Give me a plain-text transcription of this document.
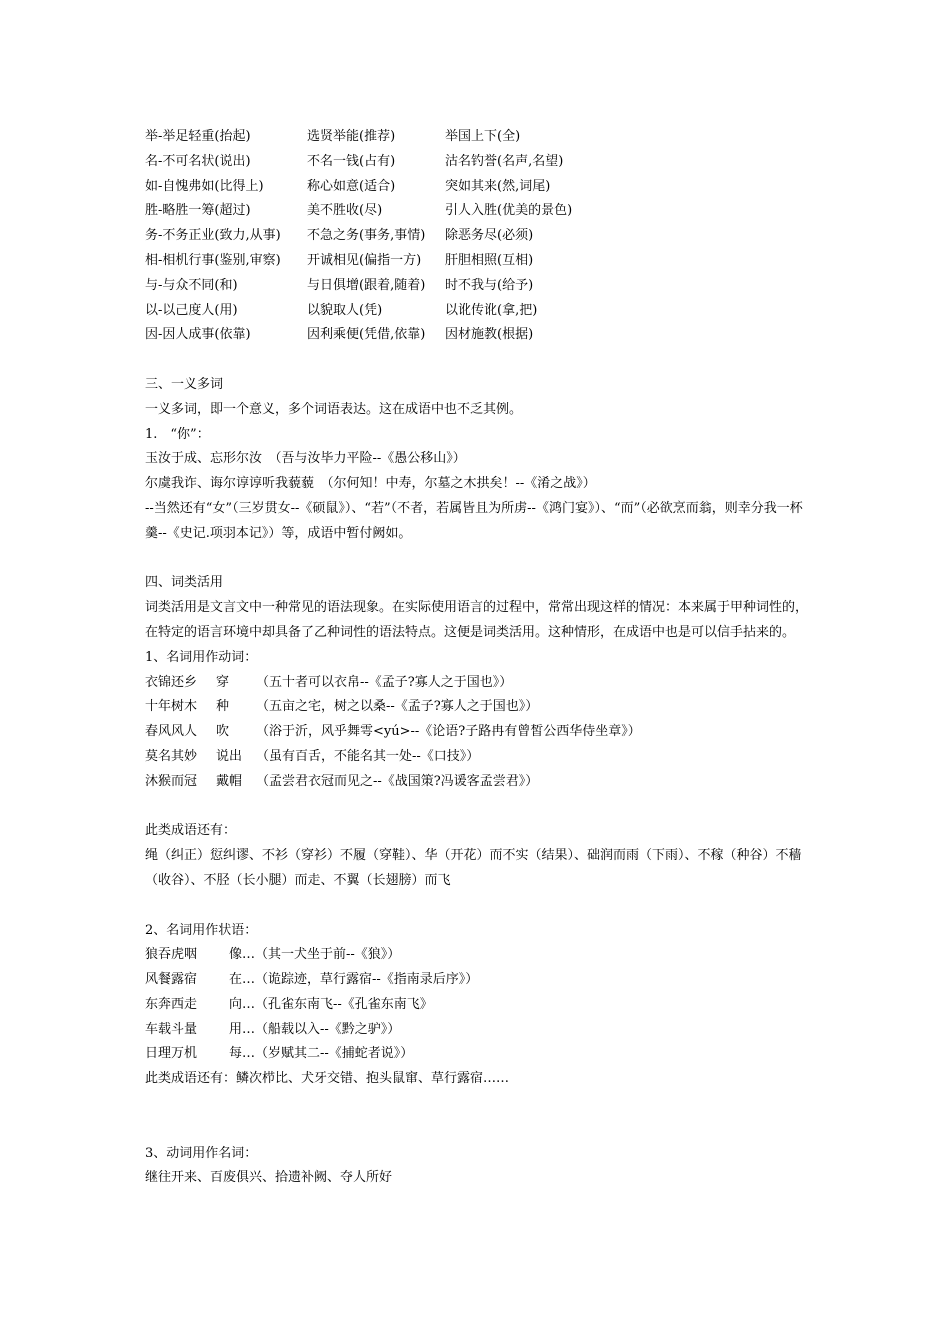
举-举足轻重(抬起)	选贤举能(推荐)	举国上下(全)
名-不可名状(说出)	不名一钱(占有)	沽名钓誉(名声,名望)
如-自愧弗如(比得上)	称心如意(适合)	突如其来(然,词尾)
胜-略胜一筹(超过)	美不胜收(尽)	引人入胜(优美的景色)
务-不务正业(致力,从事) 不急之务(事务,事情) 除恶务尽(必须)
相-相机行事(鉴别,审察) 开诚相见(偏指一方) 肝胆相照(互相)
与-与众不同(和)	与日俱增(跟着,随着) 时不我与(给予)
以-以己度人(用)	以貌取人(凭)	以讹传讹(拿,把)
因-因人成事(依靠)	因利乘便(凭借,依靠) 因材施教(根据)
三、一义多词
一义多词，即一个意义，多个词语表达。这在成语中也不乏其例。
1.　“你”：
玉汝于成、忘形尔汝　（吾与汝毕力平险--《愚公移山》）
尔虞我诈、诲尔谆谆听我藐藐　（尔何知！中寿，尔墓之木拱矣！--《淆之战》）
--当然还有“女”（三岁贯女--《硕鼠》）、“若”（不者，若属皆且为所虏--《鸿门宴》）、“而”（必欲烹而翁，则幸分我一杯羹--《史记.项羽本记》）等，成语中暂付阙如。
四、词类活用
词类活用是文言文中一种常见的语法现象。在实际使用语言的过程中，常常出现这样的情况：本来属于甲种词性的，在特定的语言环境中却具备了乙种词性的语法特点。这便是词类活用。这种情形，在成语中也是可以信手拈来的。
1、名词用作动词：
衣锦还乡 穿 （五十者可以衣帛--《孟子?寡人之于国也》）
十年树木 种 （五亩之宅，树之以桑--《孟子?寡人之于国也》）
春风风人 吹 （浴于沂，风乎舞雩<yú>--《论语?子路冉有曾皙公西华侍坐章》）
莫名其妙 说出 （虽有百舌，不能名其一处--《口技》）
沐猴而冠 戴帽 （孟尝君衣冠而见之--《战国策?冯谖客孟尝君》）
此类成语还有：
绳（纠正）愆纠谬、不衫（穿衫）不履（穿鞋）、华（开花）而不实（结果）、础润而雨（下雨）、不稼（种谷）不穑（收谷）、不胫（长小腿）而走、不翼（长翅膀）而飞
2、名词用作状语：
狼吞虎咽 像…（其一犬坐于前--《狼》）
风餐露宿 在…（诡踪迹，草行露宿--《指南录后序》）
东奔西走 向…（孔雀东南飞--《孔雀东南飞》
车载斗量 用…（船载以入--《黔之驴》）
日理万机 每…（岁赋其二--《捕蛇者说》）
此类成语还有：鳞次栉比、犬牙交错、抱头鼠窜、草行露宿……
3、动词用作名词：
继往开来、百废俱兴、拾遗补阙、夺人所好
